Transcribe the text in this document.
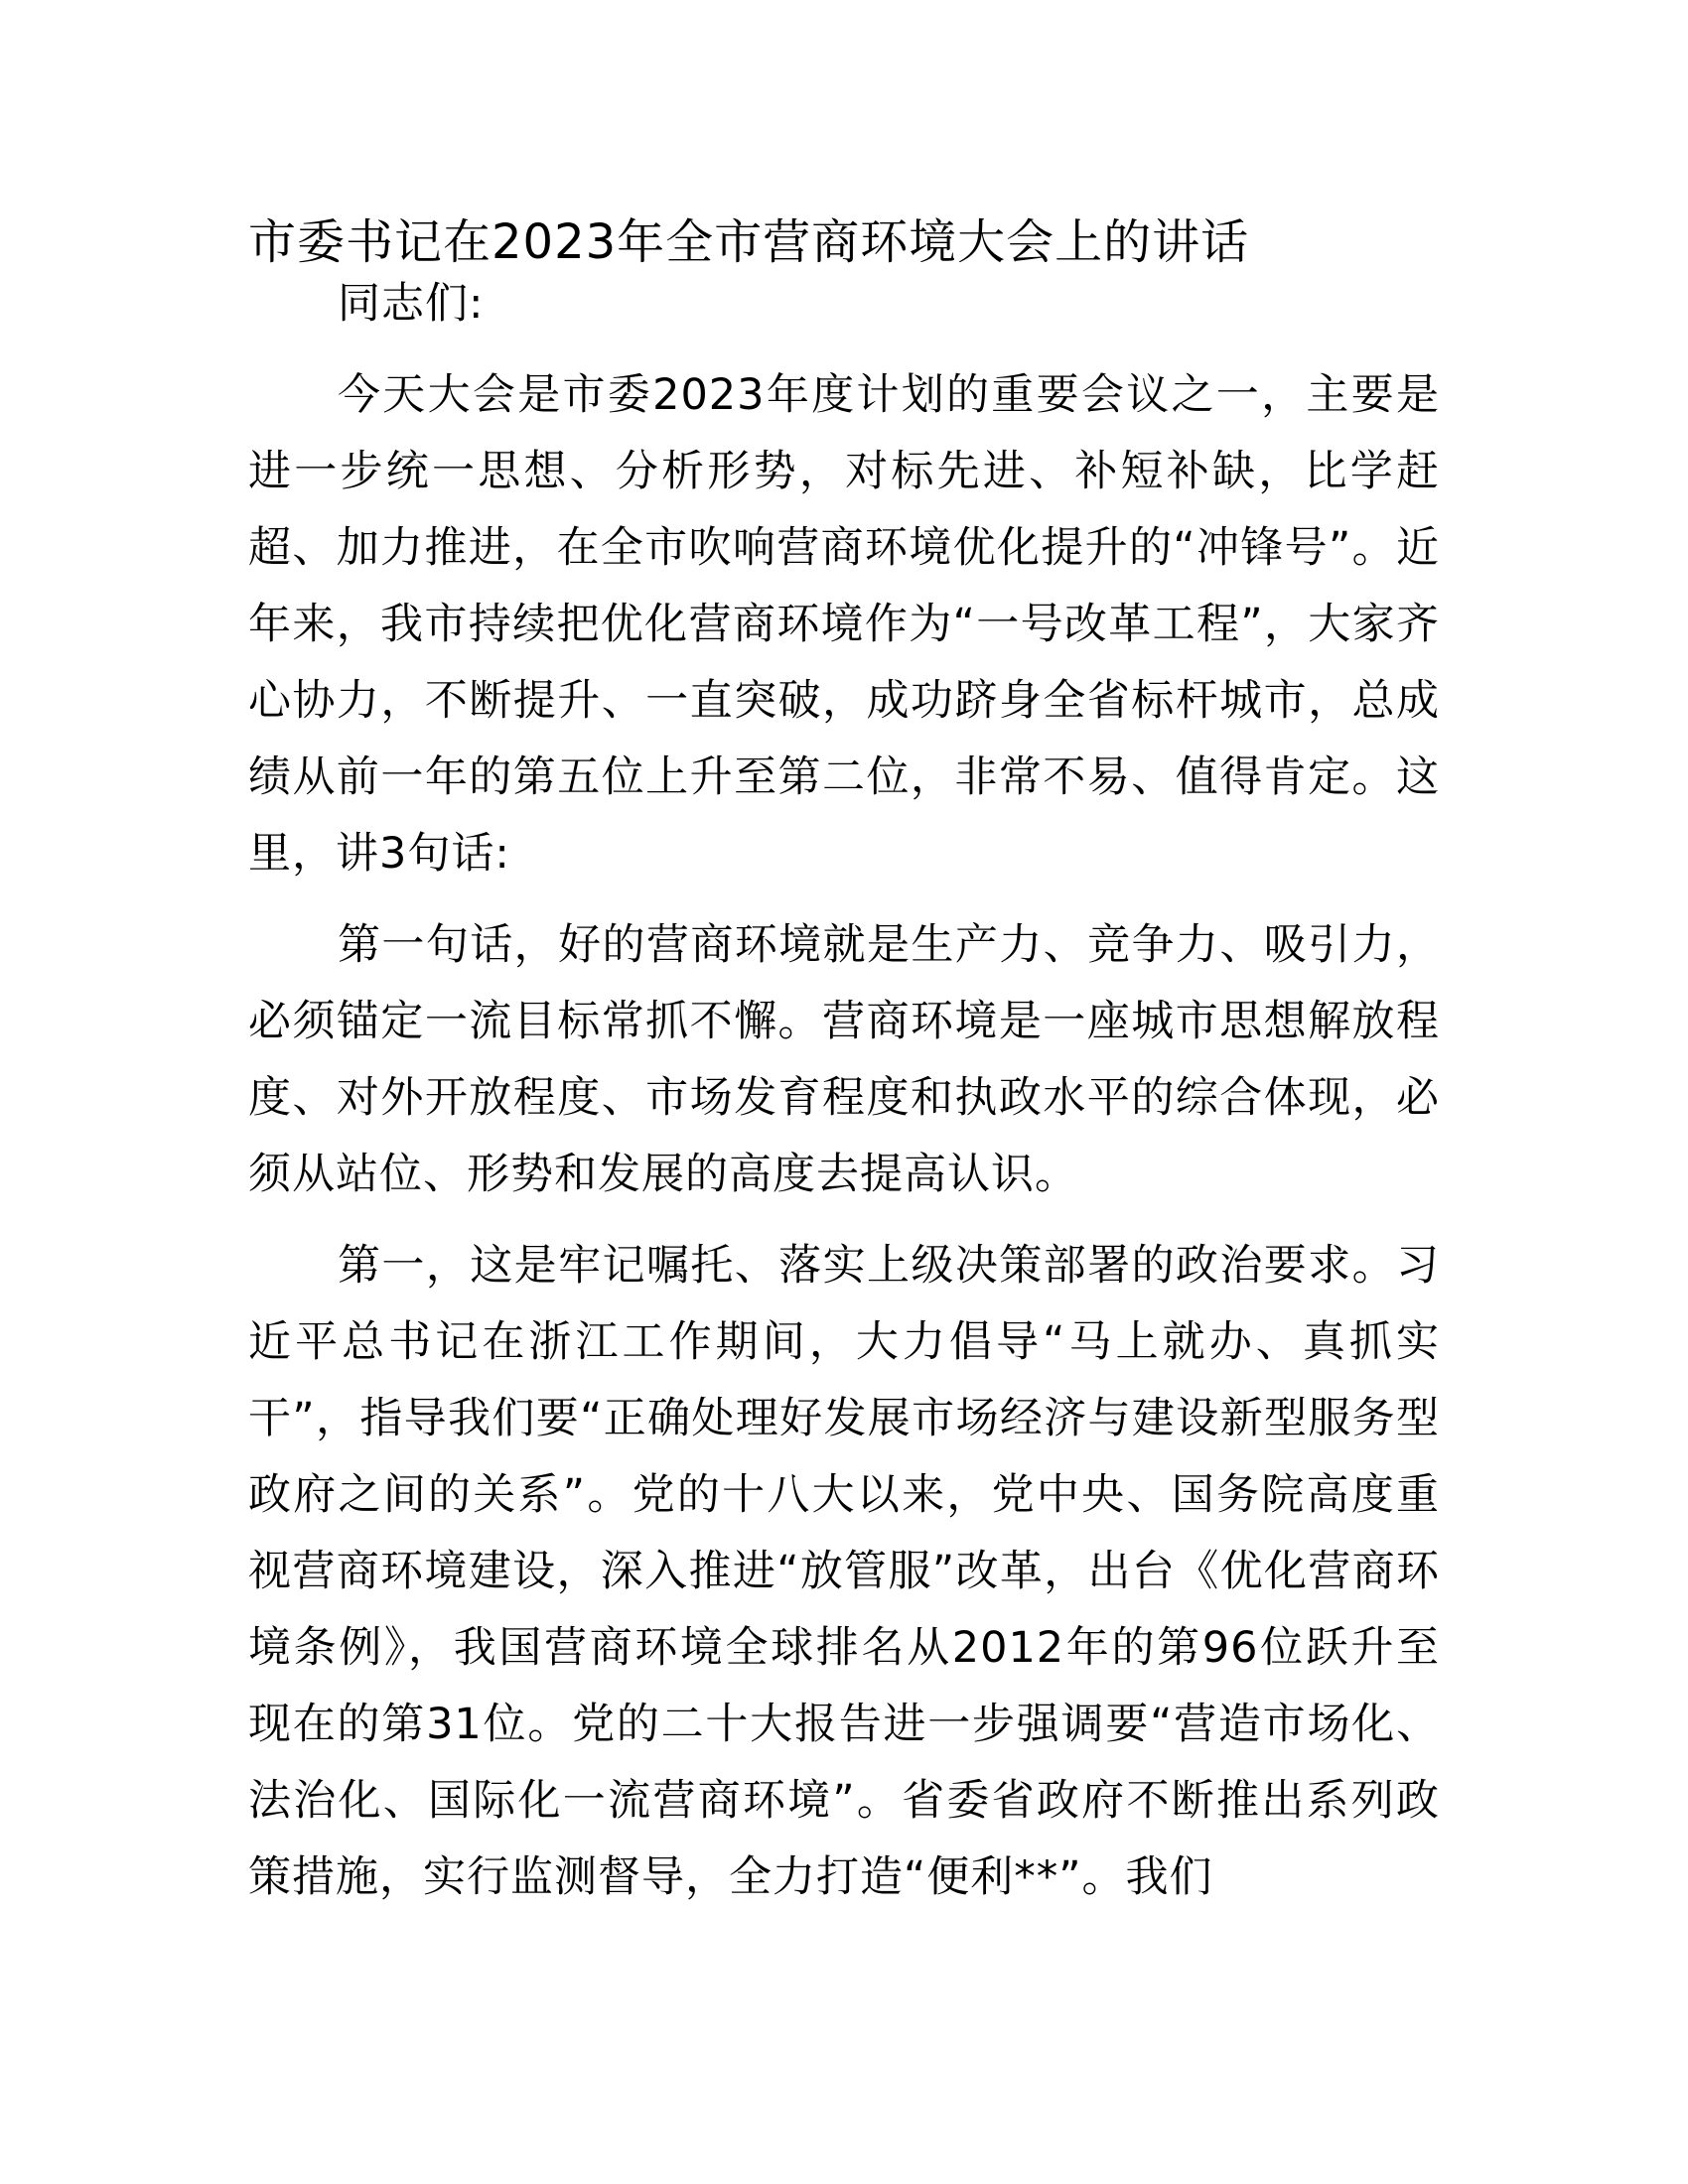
市委书记在2023年全市营商环境大会上的讲话

同志们:

今天大会是市委2023年度计划的重要会议之一，主要是进一步统一思想、分析形势，对标先进、补短补缺，比学赶超、加力推进，在全市吹响营商环境优化提升的“冲锋号”。近年来，我市持续把优化营商环境作为“一号改革工程”，大家齐心协力，不断提升、一直突破，成功跻身全省标杆城市，总成绩从前一年的第五位上升至第二位，非常不易、值得肯定。这里，讲3句话:

第一句话，好的营商环境就是生产力、竞争力、吸引力，必须锚定一流目标常抓不懈。营商环境是一座城市思想解放程度、对外开放程度、市场发育程度和执政水平的综合体现，必须从站位、形势和发展的高度去提高认识。

第一，这是牢记嘱托、落实上级决策部署的政治要求。习近平总书记在浙江工作期间，大力倡导“马上就办、真抓实干”，指导我们要“正确处理好发展市场经济与建设新型服务型政府之间的关系”。党的十八大以来，党中央、国务院高度重视营商环境建设，深入推进“放管服”改革，出台《优化营商环境条例》，我国营商环境全球排名从2012年的第96位跃升至现在的第31位。党的二十大报告进一步强调要“营造市场化、法治化、国际化一流营商环境”。省委省政府不断推出系列政策措施，实行监测督导，全力打造“便利**”。我们
